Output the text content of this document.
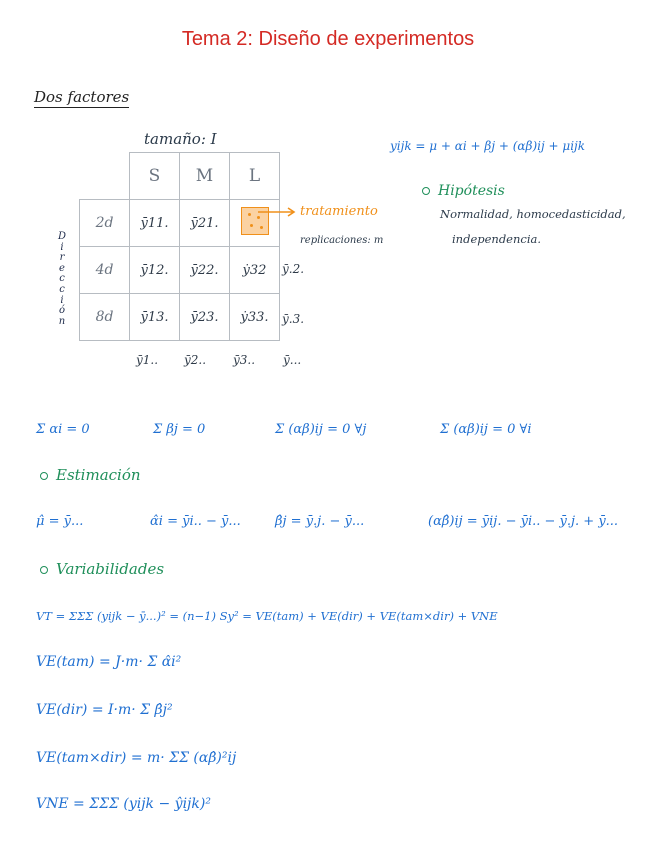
Tema 2: Diseño de experimentos
Dos factores
tamaño: I
D
i
r
e
c
c
i
ó
n
	S	M	L
2d	ȳ11.	ȳ21.	

4d	ȳ12.	ȳ22.	ẏ32
8d	ȳ13.	ȳ23.	ẏ33.
ȳ.2.
ȳ.3.
ȳ1.. ȳ2.. ȳ3.. ȳ...
tratamiento
replicaciones: m
yijk = μ + αi + βj + (αβ)ij + μijk
Hipótesis
Normalidad, homocedasticidad,
independencia.
Σ αi = 0	Σ βj = 0	Σ (αβ)ij = 0 ∀j	Σ (αβ)ij = 0 ∀i
Estimación
μ̂ = ȳ...	α̂i = ȳi.. − ȳ...	β̂j = ȳ.j. − ȳ...	(αβ̂)ij = ȳij. − ȳi.. − ȳ.j. + ȳ...
Variabilidades
VT = ΣΣΣ (yijk − ȳ...)² = (n−1) Sy² = VE(tam) + VE(dir) + VE(tam×dir) + VNE
VE(tam) = J·m· Σ α̂i²
VE(dir) = I·m· Σ β̂j²
VE(tam×dir) = m· ΣΣ (αβ̂)²ij
VNE = ΣΣΣ (yijk − ŷijk)²
